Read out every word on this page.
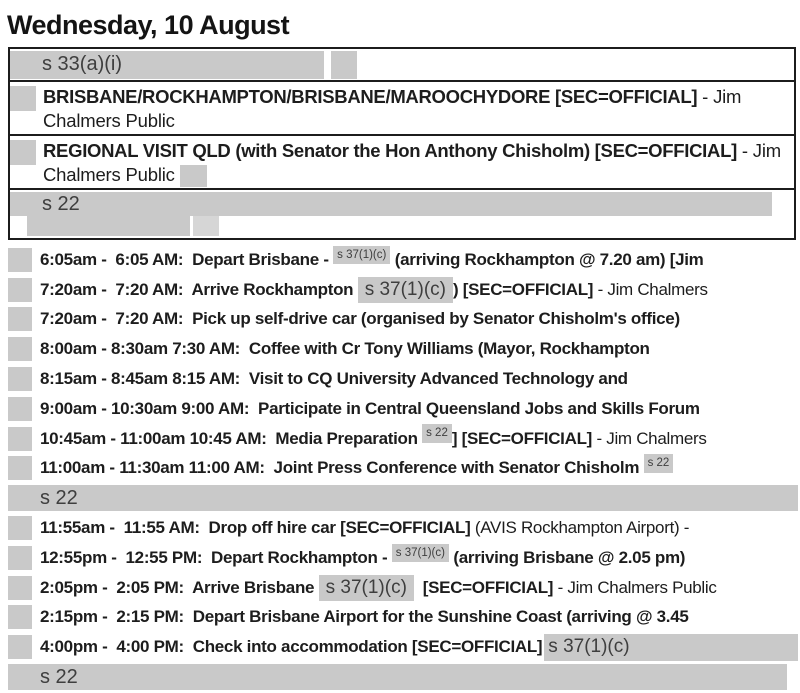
Wednesday, 10 August
s 33(a)(i)
BRISBANE/ROCKHAMPTON/BRISBANE/MAROOCHYDORE [SEC=OFFICIAL] - Jim
Chalmers Public
REGIONAL VISIT QLD (with Senator the Hon Anthony Chisholm) [SEC=OFFICIAL] - Jim
Chalmers Public
s 22
6:05am -  6:05 AM:  Depart Brisbane - s 37(1)(c) (arriving Rockhampton @ 7.20 am) [Jim
7:20am -  7:20 AM:  Arrive Rockhampton s 37(1)(c) ) [SEC=OFFICIAL] - Jim Chalmers
7:20am -  7:20 AM:  Pick up self-drive car (organised by Senator Chisholm's office)
8:00am - 8:30am 7:30 AM:  Coffee with Cr Tony Williams (Mayor, Rockhampton
8:15am - 8:45am 8:15 AM:  Visit to CQ University Advanced Technology and
9:00am - 10:30am 9:00 AM:  Participate in Central Queensland Jobs and Skills Forum
10:45am - 11:00am 10:45 AM:  Media Preparation s 22 ] [SEC=OFFICIAL] - Jim Chalmers
11:00am - 11:30am 11:00 AM:  Joint Press Conference with Senator Chisholm s 22
s 22
11:55am -  11:55 AM:  Drop off hire car [SEC=OFFICIAL] (AVIS Rockhampton Airport) -
12:55pm -  12:55 PM:  Depart Rockhampton - s 37(1)(c) (arriving Brisbane @ 2.05 pm)
2:05pm -  2:05 PM:  Arrive Brisbane s 37(1)(c) [SEC=OFFICIAL] - Jim Chalmers Public
2:15pm -  2:15 PM:  Depart Brisbane Airport for the Sunshine Coast (arriving @ 3.45
4:00pm -  4:00 PM:  Check into accommodation [SEC=OFFICIAL] s 37(1)(c)
s 22
